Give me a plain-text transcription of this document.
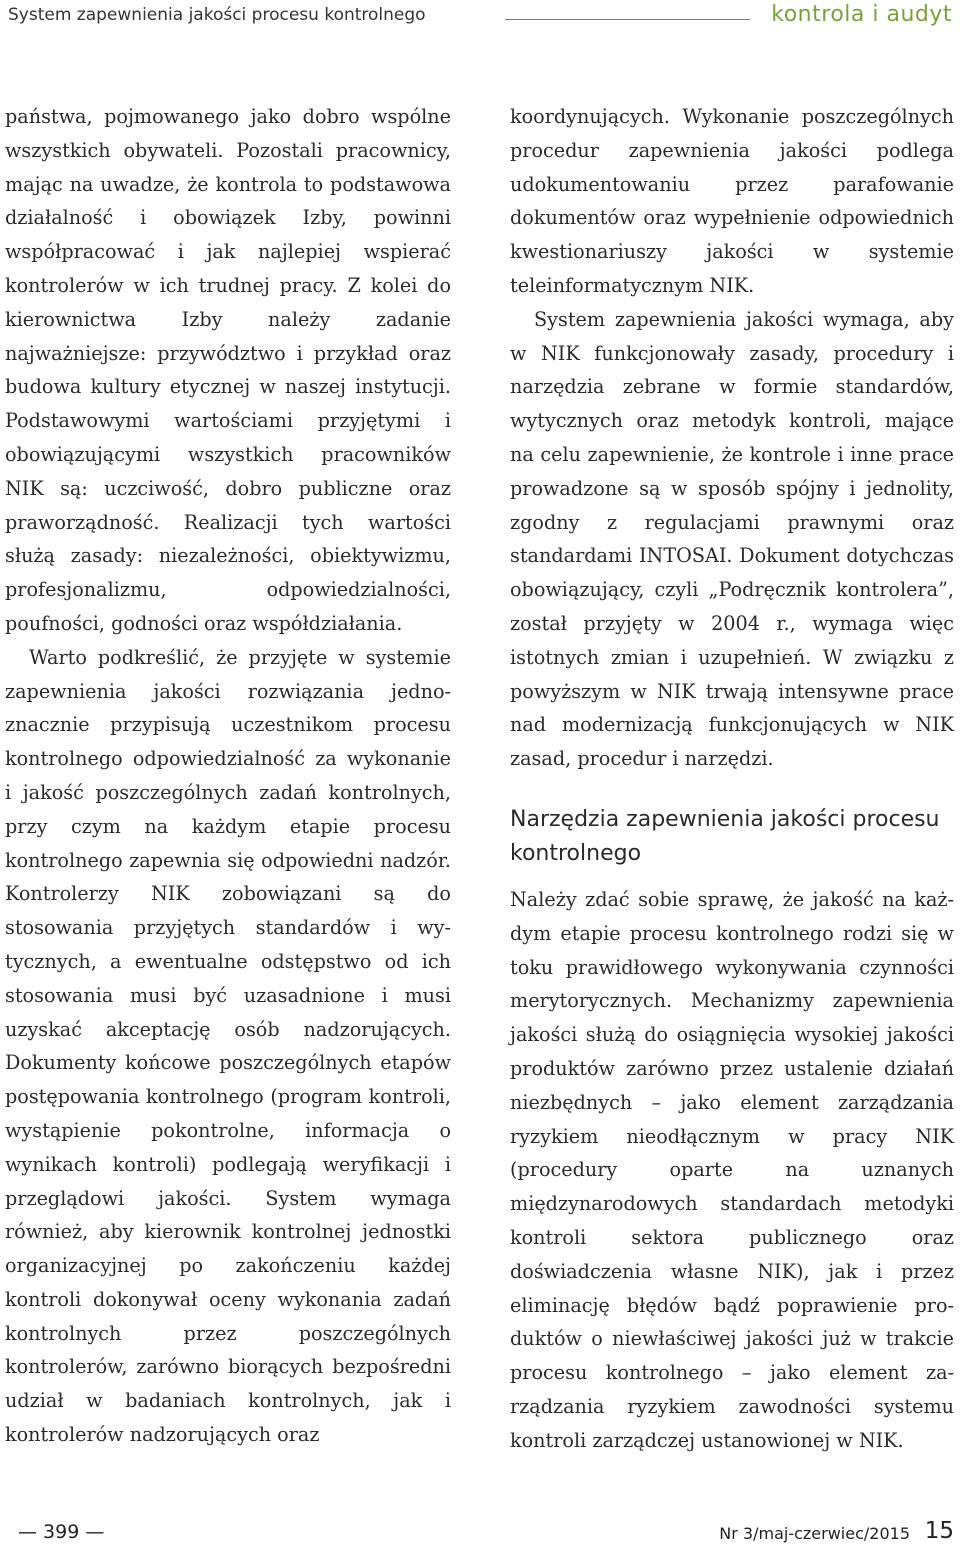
System zapewnienia jakości procesu kontrolnego	kontrola i audyt

państwa, pojmowanego jako dobro wspólne wszystkich obywateli. Pozostali pracownicy, mając na uwadze, że kontrola to podstawowa działalność i obowiązek Izby, powinni współpracować i jak najlepiej wspierać kontrolerów w ich trudnej pracy. Z kolei do kierownictwa Izby należy zadanie najważniejsze: przywództwo i przykład oraz budowa kultury etycznej w naszej instytucji. Podstawowymi wartościami przyjętymi i obowiązującymi wszystkich pracowników NIK są: uczciwość, dobro publiczne oraz praworządność. Realizacji tych wartości służą zasady: niezależności, obiektywizmu, profesjonalizmu, odpowiedzialności, poufności, godności oraz współdziałania.

Warto podkreślić, że przyjęte w systemie zapewnienia jakości rozwiązania jednoznacznie przypisują uczestnikom procesu kontrolnego odpowiedzialność za wykonanie i jakość poszczególnych zadań kontrolnych, przy czym na każdym etapie procesu kontrolnego zapewnia się odpowiedni nadzór. Kontrolerzy NIK zobowiązani są do stosowania przyjętych standardów i wytycznych, a ewentualne odstępstwo od ich stosowania musi być uzasadnione i musi uzyskać akceptację osób nadzorujących. Dokumenty końcowe poszczególnych etapów postępowania kontrolnego (program kontroli, wystąpienie pokontrolne, informacja o wynikach kontroli) podlegają weryfikacji i przeglądowi jakości. System wymaga również, aby kierownik kontrolnej jednostki organizacyjnej po zakończeniu każdej kontroli dokonywał oceny wykonania zadań kontrolnych przez poszczególnych kontrolerów, zarówno biorących bezpośredni udział w badaniach kontrolnych, jak i kontrolerów nadzorujących oraz

koordynujących. Wykonanie poszczególnych procedur zapewnienia jakości podlega udokumentowaniu przez parafowanie dokumentów oraz wypełnienie odpowiednich kwestionariuszy jakości w systemie teleinformatycznym NIK.

System zapewnienia jakości wymaga, aby w NIK funkcjonowały zasady, procedury i narzędzia zebrane w formie standardów, wytycznych oraz metodyk kontroli, mające na celu zapewnienie, że kontrole i inne prace prowadzone są w sposób spójny i jednolity, zgodny z regulacjami prawnymi oraz standardami INTOSAI. Dokument dotychczas obowiązujący, czyli „Podręcznik kontrolera”, został przyjęty w 2004 r., wymaga więc istotnych zmian i uzupełnień. W związku z powyższym w NIK trwają intensywne prace nad modernizacją funkcjonujących w NIK zasad, procedur i narzędzi.

Narzędzia zapewnienia jakości procesu kontrolnego

Należy zdać sobie sprawę, że jakość na każdym etapie procesu kontrolnego rodzi się w toku prawidłowego wykonywania czynności merytorycznych. Mechanizmy zapewnienia jakości służą do osiągnięcia wysokiej jakości produktów zarówno przez ustalenie działań niezbędnych – jako element zarządzania ryzykiem nieodłącznym w pracy NIK (procedury oparte na uznanych międzynarodowych standardach metodyki kontroli sektora publicznego oraz doświadczenia własne NIK), jak i przez eliminację błędów bądź poprawienie produktów o niewłaściwej jakości już w trakcie procesu kontrolnego – jako element zarządzania ryzykiem zawodności systemu kontroli zarządczej ustanowionej w NIK.

— 399 —	Nr 3/maj-czerwiec/2015 15
